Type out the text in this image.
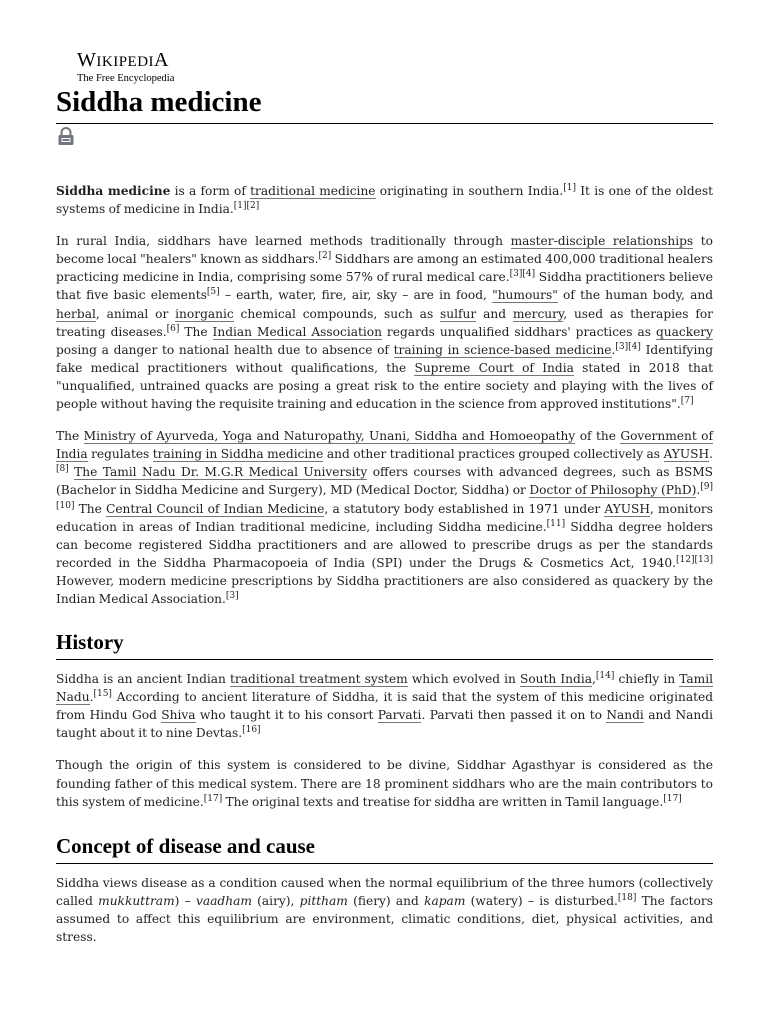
WIKIPEDIA
The Free Encyclopedia
Siddha medicine

Siddha medicine is a form of traditional medicine originating in southern India.[1] It is one of the oldest systems of medicine in India.[1][2]

In rural India, siddhars have learned methods traditionally through master-disciple relationships to become local "healers" known as siddhars.[2] Siddhars are among an estimated 400,000 traditional healers practicing medicine in India, comprising some 57% of rural medical care.[3][4] Siddha practitioners believe that five basic elements[5] – earth, water, fire, air, sky – are in food, "humours" of the human body, and herbal, animal or inorganic chemical compounds, such as sulfur and mercury, used as therapies for treating diseases.[6] The Indian Medical Association regards unqualified siddhars' practices as quackery posing a danger to national health due to absence of training in science-based medicine.[3][4] Identifying fake medical practitioners without qualifications, the Supreme Court of India stated in 2018 that "unqualified, untrained quacks are posing a great risk to the entire society and playing with the lives of people without having the requisite training and education in the science from approved institutions".[7]

The Ministry of Ayurveda, Yoga and Naturopathy, Unani, Siddha and Homoeopathy of the Government of India regulates training in Siddha medicine and other traditional practices grouped collectively as AYUSH.[8] The Tamil Nadu Dr. M.G.R Medical University offers courses with advanced degrees, such as BSMS (Bachelor in Siddha Medicine and Surgery), MD (Medical Doctor, Siddha) or Doctor of Philosophy (PhD).[9][10] The Central Council of Indian Medicine, a statutory body established in 1971 under AYUSH, monitors education in areas of Indian traditional medicine, including Siddha medicine.[11] Siddha degree holders can become registered Siddha practitioners and are allowed to prescribe drugs as per the standards recorded in the Siddha Pharmacopoeia of India (SPI) under the Drugs & Cosmetics Act, 1940.[12][13] However, modern medicine prescriptions by Siddha practitioners are also considered as quackery by the Indian Medical Association.[3]

History

Siddha is an ancient Indian traditional treatment system which evolved in South India,[14] chiefly in Tamil Nadu.[15] According to ancient literature of Siddha, it is said that the system of this medicine originated from Hindu God Shiva who taught it to his consort Parvati. Parvati then passed it on to Nandi and Nandi taught about it to nine Devtas.[16]

Though the origin of this system is considered to be divine, Siddhar Agasthyar is considered as the founding father of this medical system. There are 18 prominent siddhars who are the main contributors to this system of medicine.[17] The original texts and treatise for siddha are written in Tamil language.[17]

Concept of disease and cause

Siddha views disease as a condition caused when the normal equilibrium of the three humors (collectively called mukkuttram) – vaadham (airy), pittham (fiery) and kapam (watery) – is disturbed.[18] The factors assumed to affect this equilibrium are environment, climatic conditions, diet, physical activities, and stress.
